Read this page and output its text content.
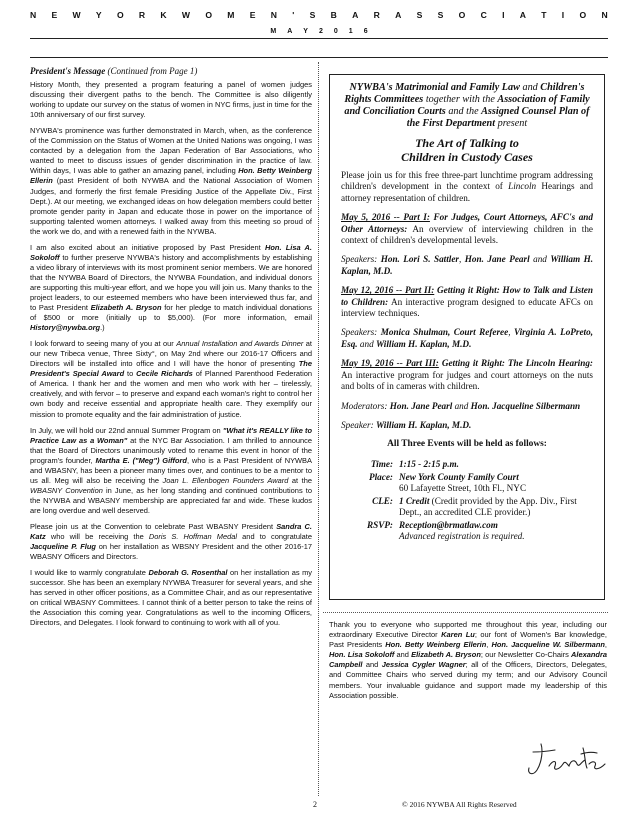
N E W Y O R K W O M E N ' S B A R A S S O C I A T I O N
M A Y 2 0 1 6
President's Message (Continued from Page 1)

History Month, they presented a program featuring a panel of women judges discussing their divergent paths to the bench. The Committee is also diligently working to update our survey on the status of women in NYC firms, just in time for the 10th anniversary of our first survey.

NYWBA's prominence was further demonstrated in March, when, as the conference of the Commission on the Status of Women at the United Nations was ongoing, I was contacted by a delegation from the Japan Federation of Bar Associations, who wanted to meet to discuss issues of gender discrimination in the practice of law. Within days, I was able to gather an amazing panel, including Hon. Betty Weinberg Ellerin (past President of both NYWBA and the National Association of Women Judges, and formerly the first female Presiding Justice of the Appellate Div., First Dept.). At our meeting, we exchanged ideas on how delegation members could better promote gender parity in Japan and educate those in power on the importance of supporting talented women attorneys. I walked away from this meeting so proud of the work we do, and with a renewed faith in the NYWBA.

I am also excited about an initiative proposed by Past President Hon. Lisa A. Sokoloff to further preserve NYWBA's history and accomplishments by establishing a video library of interviews with its most prominent senior members. We are honored that the NYWBA Board of Directors, the NYWBA Foundation, and individual donors are supporting this multi-year effort, and we hope you will join us. Many thanks to the project leaders, to our esteemed members who have been interviewed thus far, and to Past President Elizabeth A. Bryson for her pledge to match individual donations of $500 or more (initially up to $5,000). (For more information, email History@nywba.org.)

I look forward to seeing many of you at our Annual Installation and Awards Dinner at our new Tribeca venue, Three Sixty°, on May 2nd where our 2016-17 Officers and Directors will be installed into office and I will have the honor of presenting The President's Special Award to Cecile Richards of Planned Parenthood Federation of America. I thank her and the women and men who work with her – tirelessly, creatively, and with fervor – to preserve and expand each woman's right to control her own body and receive essential and appropriate health care. They exemplify our mission to promote equality and the fair administration of justice.

In July, we will hold our 22nd annual Summer Program on "What it's REALLY like to Practice Law as a Woman" at the NYC Bar Association. I am thrilled to announce that the Board of Directors unanimously voted to rename this event in honor of the program's founder, Martha E. ("Meg") Gifford, who is a Past President of NYWBA and WBASNY, has been a pioneer many times over, and continues to be a mentor to us all. Meg will also be receiving the Joan L. Ellenbogen Founders Award at the WBASNY Convention in June, as her long standing and continued contributions to the NYWBA and WBASNY membership are appreciated far and wide. These kudos are long overdue and well deserved.

Please join us at the Convention to celebrate Past WBASNY President Sandra C. Katz who will be receiving the Doris S. Hoffman Medal and to congratulate Jacqueline P. Flug on her installation as WBSNY President and the other 2016-17 WBASNY Officers and Directors.

I would like to warmly congratulate Deborah G. Rosenthal on her installation as my successor. She has been an exemplary NYWBA Treasurer for several years, and she has served in other officer positions, as a Committee Chair, and as our representative on critical WBASNY Committees. I cannot think of a better person to take the reins of the Association this coming year. Congratulations as well to the incoming Officers, Directors, and Delegates. I look forward to continuing to work with all of you.

NYWBA's Matrimonial and Family Law and Children's Rights Committees together with the Association of Family and Conciliation Courts and the Assigned Counsel Plan of the First Department present
The Art of Talking to
Children in Custody Cases

Please join us for this free three-part lunchtime program addressing children's development in the context of Lincoln Hearings and attorney representation of children.

May 5, 2016 -- Part I: For Judges, Court Attorneys, AFC's and Other Attorneys: An overview of interviewing children in the context of children's developmental levels.

Speakers: Hon. Lori S. Sattler, Hon. Jane Pearl and William H. Kaplan, M.D.

May 12, 2016 -- Part II: Getting it Right: How to Talk and Listen to Children: An interactive program designed to educate AFCs on interview techniques.

Speakers: Monica Shulman, Court Referee, Virginia A. LoPreto, Esq. and William H. Kaplan, M.D.

May 19, 2016 -- Part III: Getting it Right: The Lincoln Hearing: An interactive program for judges and court attorneys on the nuts and bolts of in cameras with children.

Moderators: Hon. Jane Pearl and Hon. Jacqueline Silbermann

Speaker: William H. Kaplan, M.D.

All Three Events will be held as follows:
Time: 1:15 - 2:15 p.m.
Place: New York County Family Court
60 Lafayette Street, 10th Fl., NYC
CLE: 1 Credit (Credit provided by the App. Div., First Dept., an accredited CLE provider.)
RSVP: Reception@brmatlaw.com
Advanced registration is required.
Thank you to everyone who supported me throughout this year, including our extraordinary Executive Director Karen Lu; our font of Women's Bar knowledge, Past Presidents Hon. Betty Weinberg Ellerin, Hon. Jacqueline W. Silbermann, Hon. Lisa Sokoloff and Elizabeth A. Bryson; our Newsletter Co-Chairs Alexandra Campbell and Jessica Cygler Wagner; all of the Officers, Directors, Delegates, and Committee Chairs who served during my term; and our Advisory Council members. Your invaluable guidance and support made my leadership of this Association possible.
2	© 2016 NYWBA All Rights Reserved
